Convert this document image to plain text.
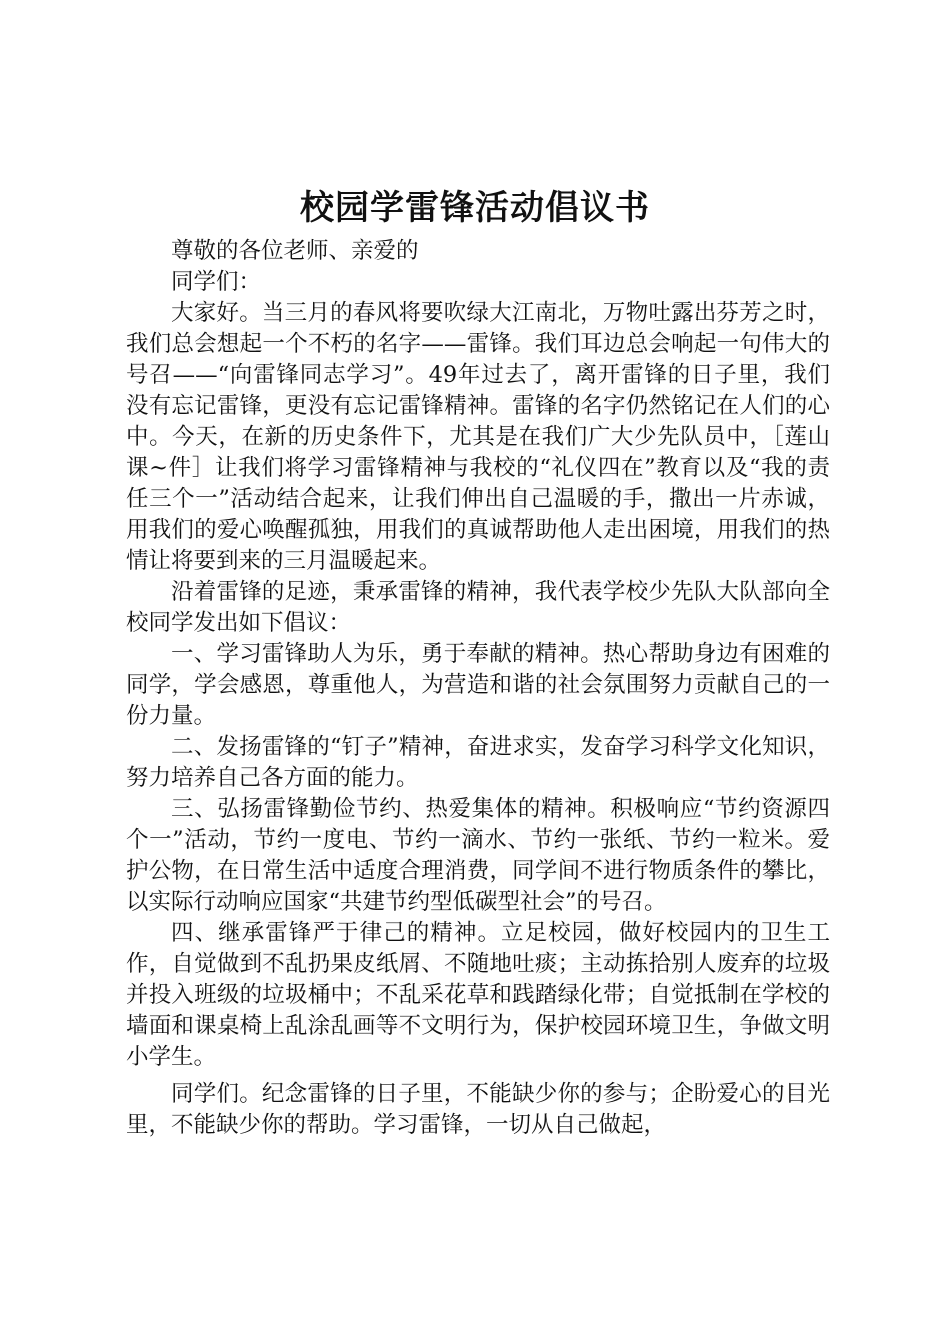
校园学雷锋活动倡议书

尊敬的各位老师、亲爱的

同学们：

大家好。当三月的春风将要吹绿大江南北，万物吐露出芬芳之时，我们总会想起一个不朽的名字——雷锋。我们耳边总会响起一句伟大的号召——“向雷锋同志学习”。49年过去了，离开雷锋的日子里，我们没有忘记雷锋，更没有忘记雷锋精神。雷锋的名字仍然铭记在人们的心中。今天，在新的历史条件下，尤其是在我们广大少先队员中，［莲山课~件］让我们将学习雷锋精神与我校的“礼仪四在”教育以及“我的责任三个一”活动结合起来，让我们伸出自己温暖的手，撒出一片赤诚，用我们的爱心唤醒孤独，用我们的真诚帮助他人走出困境，用我们的热情让将要到来的三月温暖起来。

沿着雷锋的足迹，秉承雷锋的精神，我代表学校少先队大队部向全校同学发出如下倡议：

一、学习雷锋助人为乐，勇于奉献的精神。热心帮助身边有困难的同学，学会感恩，尊重他人，为营造和谐的社会氛围努力贡献自己的一份力量。

二、发扬雷锋的“钉子”精神，奋进求实，发奋学习科学文化知识，努力培养自己各方面的能力。

三、弘扬雷锋勤俭节约、热爱集体的精神。积极响应“节约资源四个一”活动，节约一度电、节约一滴水、节约一张纸、节约一粒米。爱护公物，在日常生活中适度合理消费，同学间不进行物质条件的攀比，以实际行动响应国家“共建节约型低碳型社会”的号召。

四、继承雷锋严于律己的精神。立足校园，做好校园内的卫生工作，自觉做到不乱扔果皮纸屑、不随地吐痰；主动拣拾别人废弃的垃圾并投入班级的垃圾桶中；不乱采花草和践踏绿化带；自觉抵制在学校的墙面和课桌椅上乱涂乱画等不文明行为，保护校园环境卫生，争做文明小学生。

同学们。纪念雷锋的日子里，不能缺少你的参与；企盼爱心的目光里，不能缺少你的帮助。学习雷锋，一切从自己做起，
